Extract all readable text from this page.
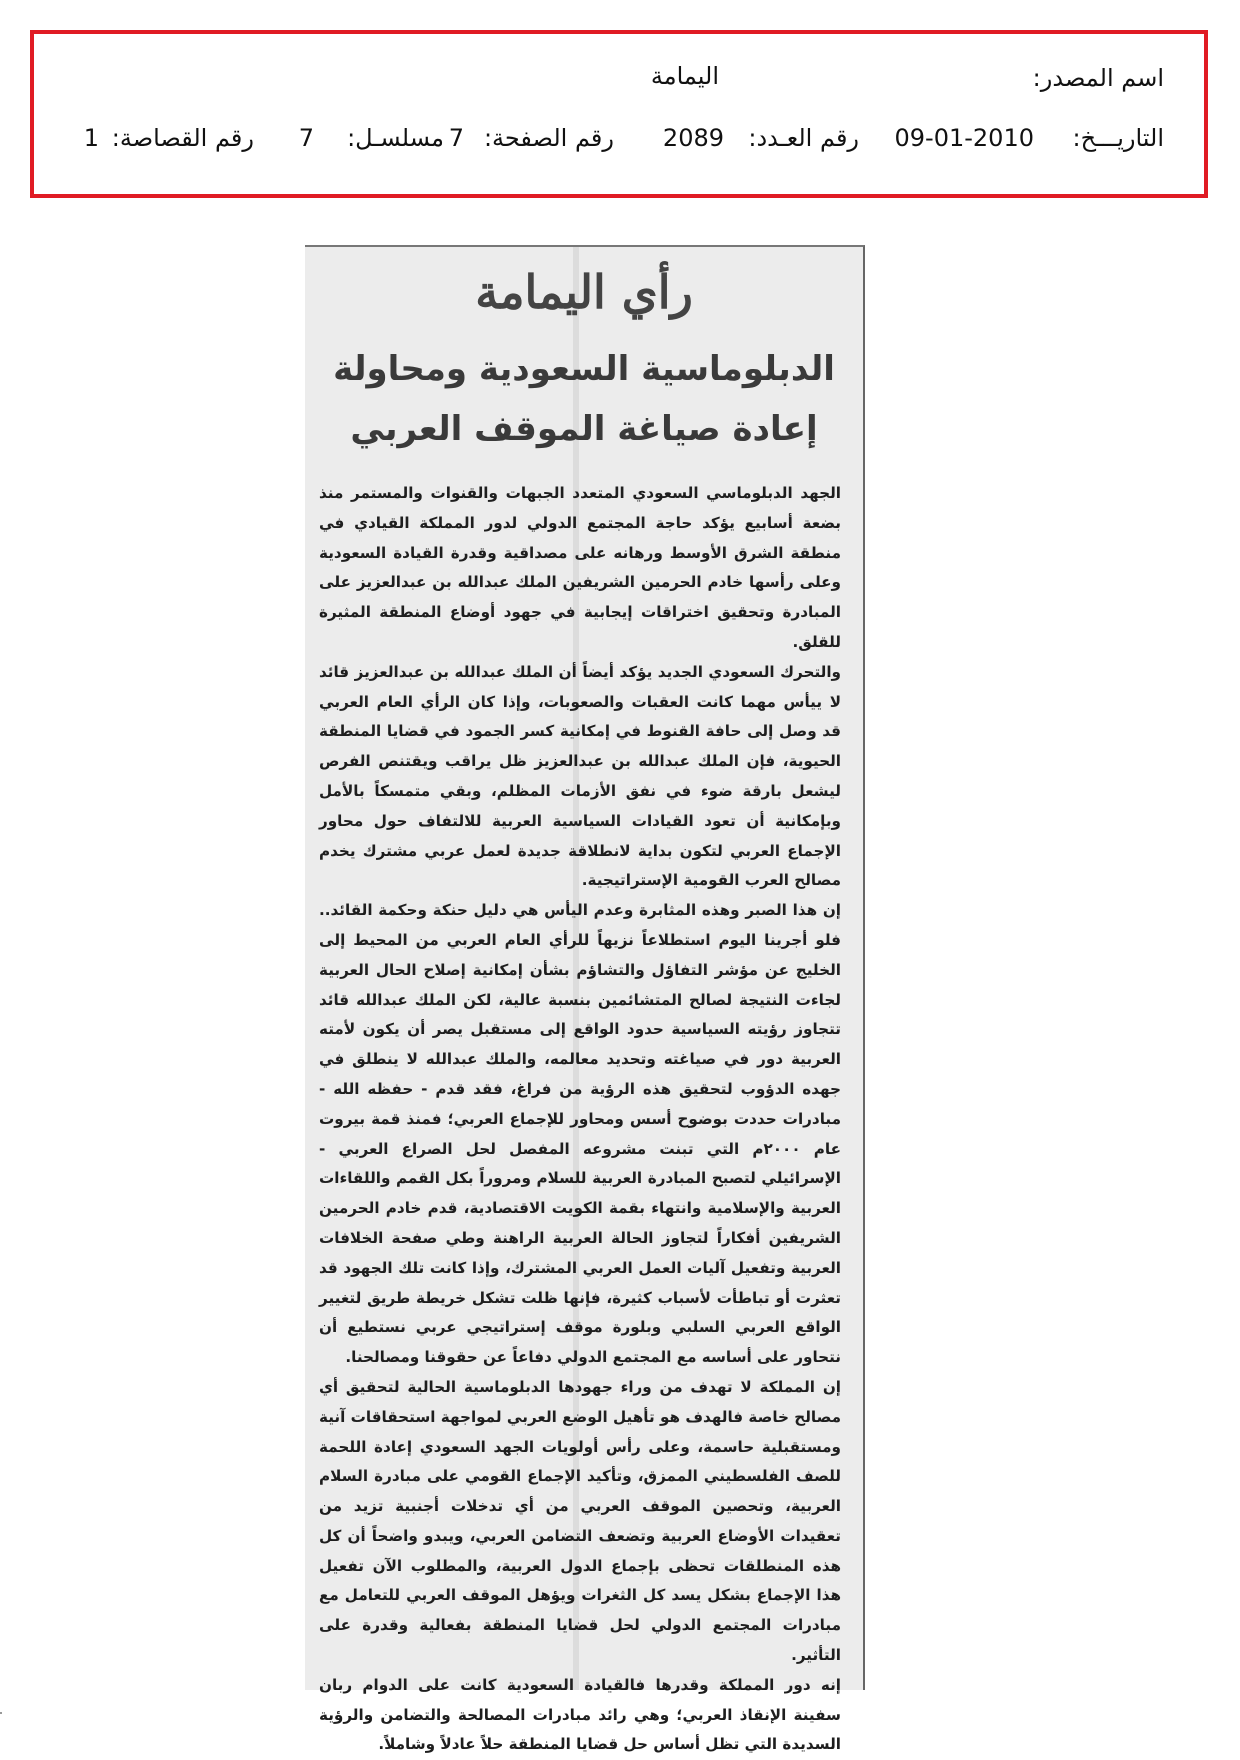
اسم المصدر:
اليمامة
التاريـــخ:
09-01-2010
رقم العـدد:
2089
رقم الصفحة:
7
مسلسـل:
7
رقم القصاصة:
1
رأي اليمامة
الدبلوماسية السعودية ومحاولة
إعادة صياغة الموقف العربي

الجهد الدبلوماسي السعودي المتعدد الجبهات والقنوات والمستمر منذ بضعة أسابيع يؤكد حاجة المجتمع الدولي لدور المملكة القيادي في منطقة الشرق الأوسط ورهانه على مصداقية وقدرة القيادة السعودية وعلى رأسها خادم الحرمين الشريفين الملك عبدالله بن عبدالعزيز على المبادرة وتحقيق اختراقات إيجابية في جهود أوضاع المنطقة المثيرة للقلق.

والتحرك السعودي الجديد يؤكد أيضاً أن الملك عبدالله بن عبدالعزيز قائد لا ييأس مهما كانت العقبات والصعوبات، وإذا كان الرأي العام العربي قد وصل إلى حافة القنوط في إمكانية كسر الجمود في قضايا المنطقة الحيوية، فإن الملك عبدالله بن عبدالعزيز ظل يراقب ويقتنص الفرص ليشعل بارقة ضوء في نفق الأزمات المظلم، وبقي متمسكاً بالأمل وبإمكانية أن تعود القيادات السياسية العربية للالتفاف حول محاور الإجماع العربي لتكون بداية لانطلاقة جديدة لعمل عربي مشترك يخدم مصالح العرب القومية الإستراتيجية.

إن هذا الصبر وهذه المثابرة وعدم اليأس هي دليل حنكة وحكمة القائد.. فلو أجرينا اليوم استطلاعاً نزيهاً للرأي العام العربي من المحيط إلى الخليج عن مؤشر التفاؤل والتشاؤم بشأن إمكانية إصلاح الحال العربية لجاءت النتيجة لصالح المتشائمين بنسبة عالية، لكن الملك عبدالله قائد تتجاوز رؤيته السياسية حدود الواقع إلى مستقبل يصر أن يكون لأمته العربية دور في صياغته وتحديد معالمه، والملك عبدالله لا ينطلق في جهده الدؤوب لتحقيق هذه الرؤية من فراغ، فقد قدم - حفظه الله - مبادرات حددت بوضوح أسس ومحاور للإجماع العربي؛ فمنذ قمة بيروت عام ٢٠٠٠م التي تبنت مشروعه المفصل لحل الصراع العربي - الإسرائيلي لتصبح المبادرة العربية للسلام ومروراً بكل القمم واللقاءات العربية والإسلامية وانتهاء بقمة الكويت الاقتصادية، قدم خادم الحرمين الشريفين أفكاراً لتجاوز الحالة العربية الراهنة وطي صفحة الخلافات العربية وتفعيل آليات العمل العربي المشترك، وإذا كانت تلك الجهود قد تعثرت أو تباطأت لأسباب كثيرة، فإنها ظلت تشكل خريطة طريق لتغيير الواقع العربي السلبي وبلورة موقف إستراتيجي عربي نستطيع أن نتحاور على أساسه مع المجتمع الدولي دفاعاً عن حقوقنا ومصالحنا.

إن المملكة لا تهدف من وراء جهودها الدبلوماسية الحالية لتحقيق أي مصالح خاصة فالهدف هو تأهيل الوضع العربي لمواجهة استحقاقات آنية ومستقبلية حاسمة، وعلى رأس أولويات الجهد السعودي إعادة اللحمة للصف الفلسطيني الممزق، وتأكيد الإجماع القومي على مبادرة السلام العربية، وتحصين الموقف العربي من أي تدخلات أجنبية تزيد من تعقيدات الأوضاع العربية وتضعف التضامن العربي، ويبدو واضحاً أن كل هذه المنطلقات تحظى بإجماع الدول العربية، والمطلوب الآن تفعيل هذا الإجماع بشكل يسد كل الثغرات ويؤهل الموقف العربي للتعامل مع مبادرات المجتمع الدولي لحل قضايا المنطقة بفعالية وقدرة على التأثير.

إنه دور المملكة وقدرها فالقيادة السعودية كانت على الدوام ربان سفينة الإنقاذ العربي؛ وهي رائد مبادرات المصالحة والتضامن والرؤية السديدة التي تظل أساس حل قضايا المنطقة حلاً عادلاً وشاملاً.
